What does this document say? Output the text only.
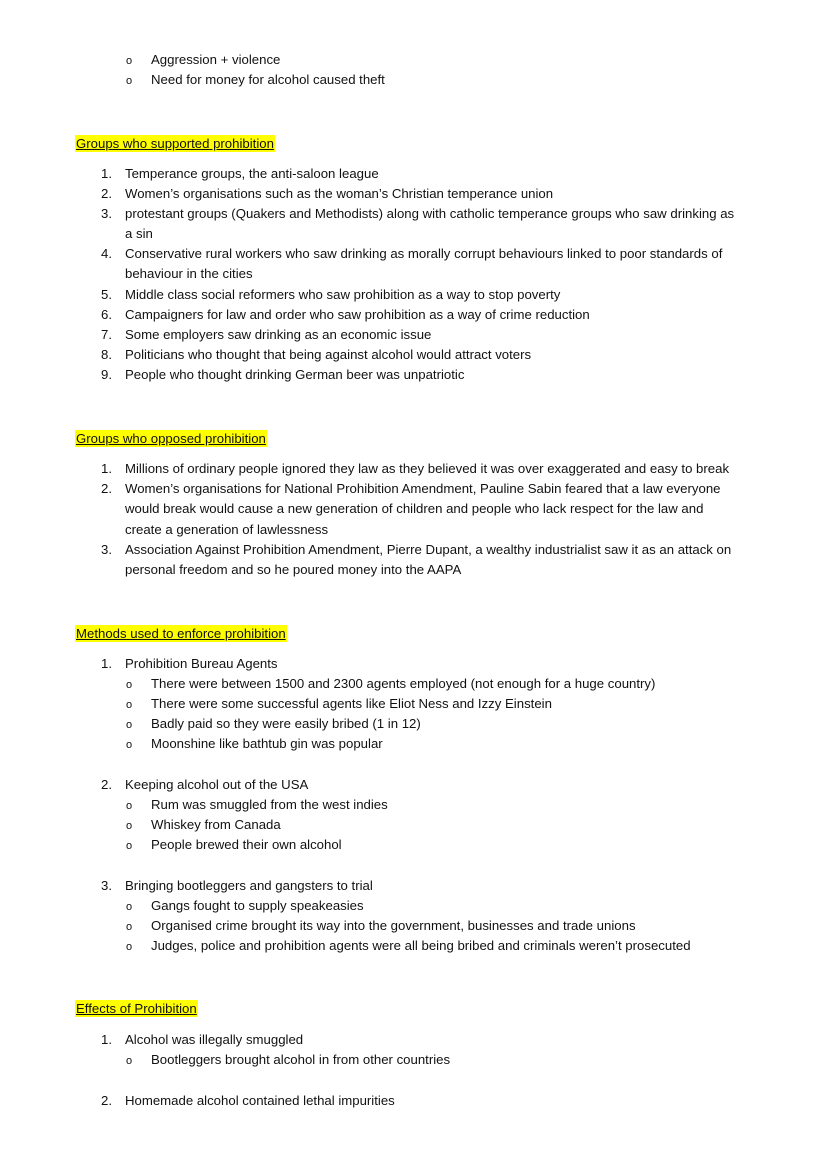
o Aggression + violence
o Need for money for alcohol caused theft
Groups who supported prohibition
1. Temperance groups, the anti-saloon league
2. Women’s organisations such as the woman’s Christian temperance union
3. protestant groups (Quakers and Methodists) along with catholic temperance groups who saw drinking as
a sin
4. Conservative rural workers who saw drinking as morally corrupt behaviours linked to poor standards of
behaviour in the cities
5. Middle class social reformers who saw prohibition as a way to stop poverty
6. Campaigners for law and order who saw prohibition as a way of crime reduction
7. Some employers saw drinking as an economic issue
8. Politicians who thought that being against alcohol would attract voters
9. People who thought drinking German beer was unpatriotic
Groups who opposed prohibition
1. Millions of ordinary people ignored they law as they believed it was over exaggerated and easy to break
2. Women’s organisations for National Prohibition Amendment, Pauline Sabin feared that a law everyone
would break would cause a new generation of children and people who lack respect for the law and
create a generation of lawlessness
3. Association Against Prohibition Amendment, Pierre Dupant, a wealthy industrialist saw it as an attack on
personal freedom and so he poured money into the AAPA
Methods used to enforce prohibition
1. Prohibition Bureau Agents
o There were between 1500 and 2300 agents employed (not enough for a huge country)
o There were some successful agents like Eliot Ness and Izzy Einstein
o Badly paid so they were easily bribed (1 in 12)
o Moonshine like bathtub gin was popular
2. Keeping alcohol out of the USA
o Rum was smuggled from the west indies
o Whiskey from Canada
o People brewed their own alcohol
3. Bringing bootleggers and gangsters to trial
o Gangs fought to supply speakeasies
o Organised crime brought its way into the government, businesses and trade unions
o Judges, police and prohibition agents were all being bribed and criminals weren’t prosecuted
Effects of Prohibition
1. Alcohol was illegally smuggled
o Bootleggers brought alcohol in from other countries
2. Homemade alcohol contained lethal impurities
